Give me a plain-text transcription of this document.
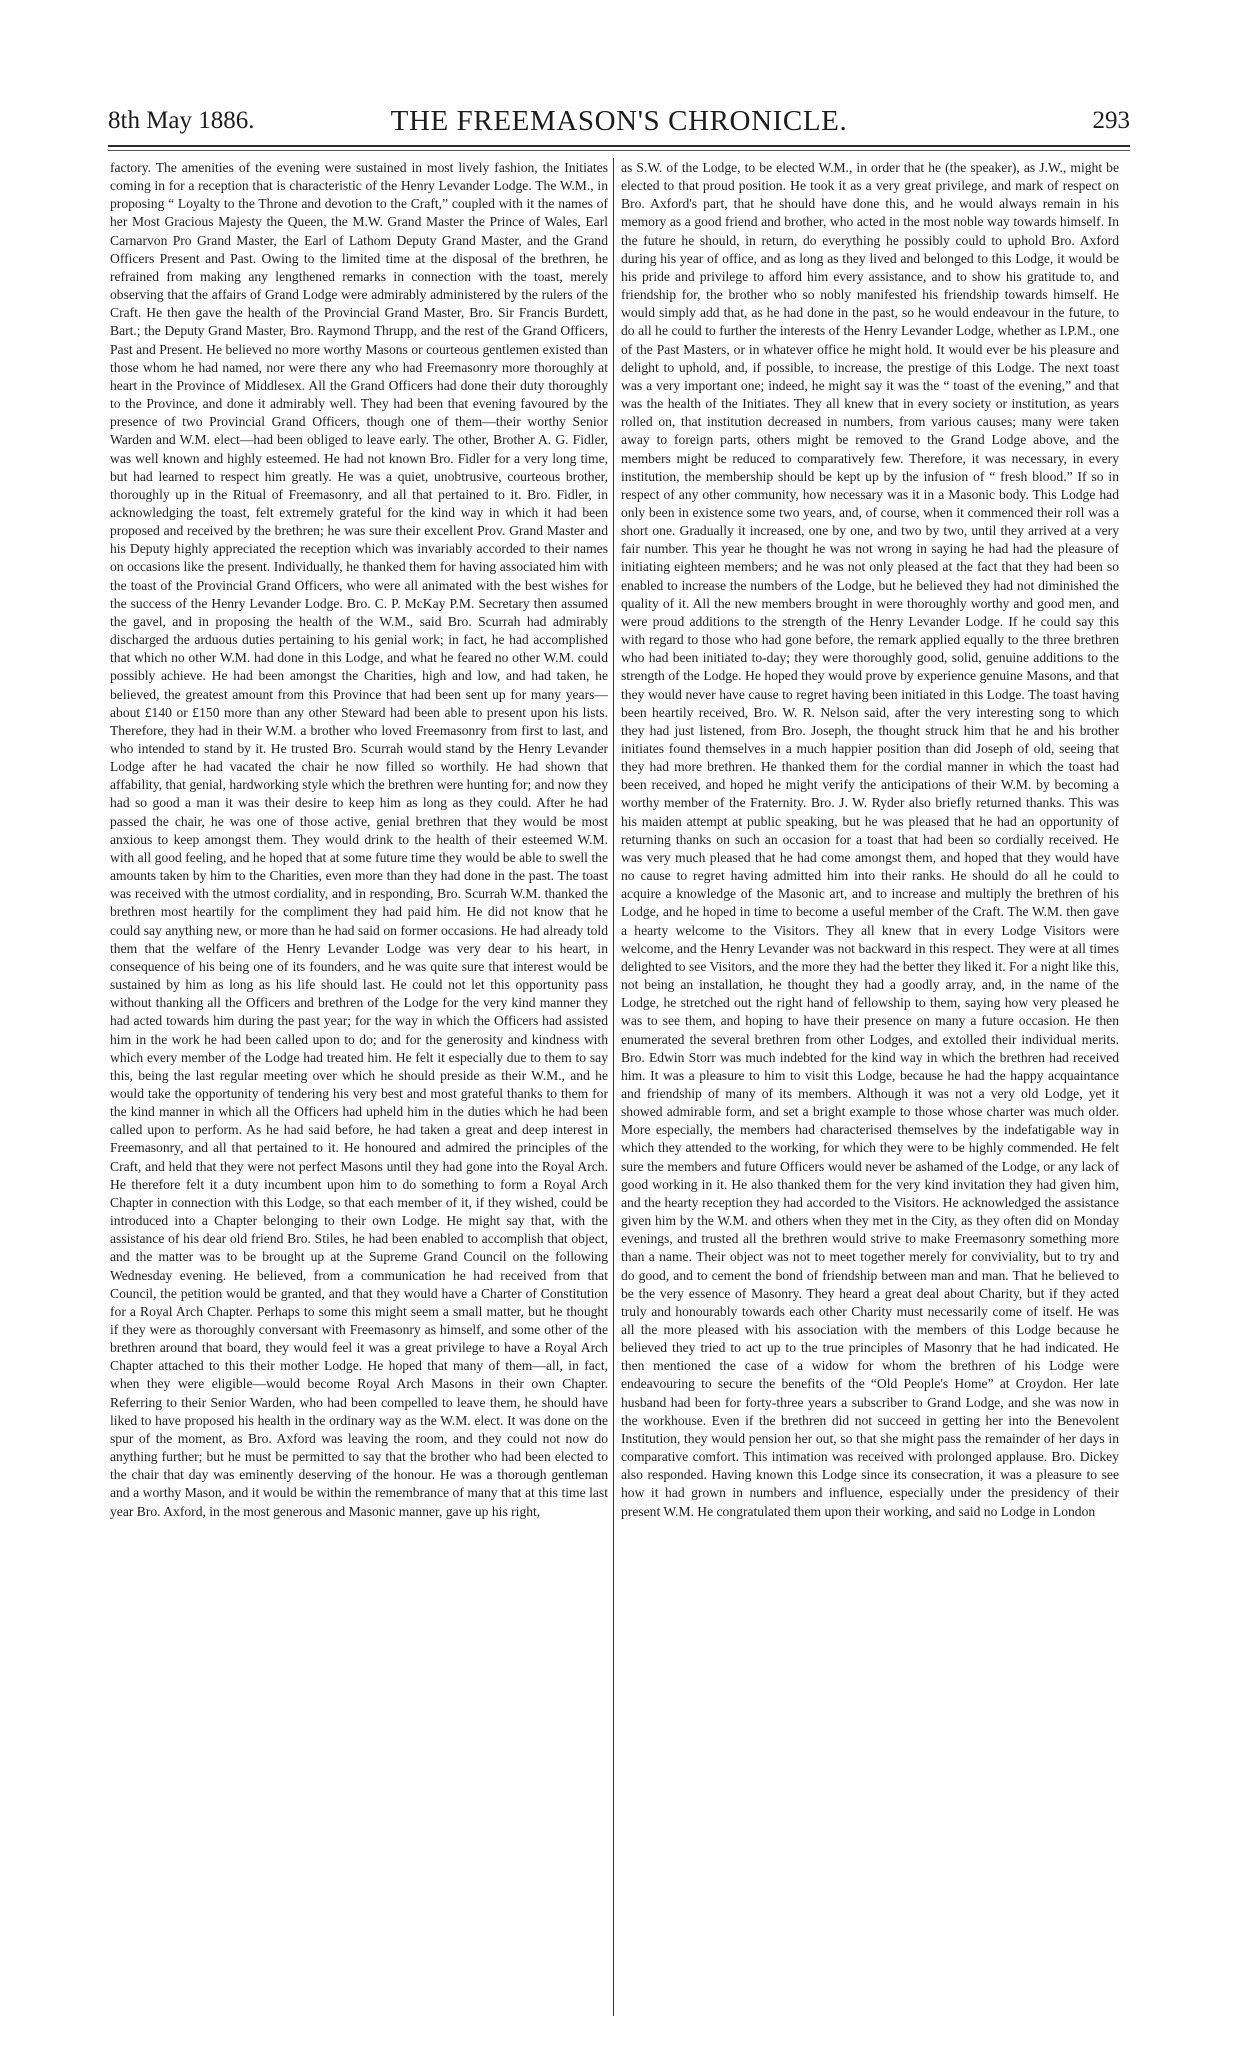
8th May 1886.	THE FREEMASON'S CHRONICLE.	293

factory. The amenities of the evening were sustained in most lively fashion, the Initiates coming in for a reception that is characteristic of the Henry Levander Lodge. The W.M., in proposing “ Loyalty to the Throne and devotion to the Craft,” coupled with it the names of her Most Gracious Majesty the Queen, the M.W. Grand Master the Prince of Wales, Earl Carnarvon Pro Grand Master, the Earl of Lathom Deputy Grand Master, and the Grand Officers Present and Past. Owing to the limited time at the disposal of the brethren, he refrained from making any lengthened remarks in connection with the toast, merely observing that the affairs of Grand Lodge were admirably administered by the rulers of the Craft. He then gave the health of the Provincial Grand Master, Bro. Sir Francis Burdett, Bart.; the Deputy Grand Master, Bro. Raymond Thrupp, and the rest of the Grand Officers, Past and Present. He believed no more worthy Masons or courteous gentlemen existed than those whom he had named, nor were there any who had Freemasonry more thoroughly at heart in the Province of Middlesex. All the Grand Officers had done their duty thoroughly to the Province, and done it admirably well. They had been that evening favoured by the presence of two Provincial Grand Officers, though one of them—their worthy Senior Warden and W.M. elect—had been obliged to leave early. The other, Brother A. G. Fidler, was well known and highly esteemed. He had not known Bro. Fidler for a very long time, but had learned to respect him greatly. He was a quiet, unobtrusive, courteous brother, thoroughly up in the Ritual of Freemasonry, and all that pertained to it. Bro. Fidler, in acknowledging the toast, felt extremely grateful for the kind way in which it had been proposed and received by the brethren; he was sure their excellent Prov. Grand Master and his Deputy highly appreciated the reception which was invariably accorded to their names on occasions like the present. Individually, he thanked them for having associated him with the toast of the Provincial Grand Officers, who were all animated with the best wishes for the success of the Henry Levander Lodge. Bro. C. P. McKay P.M. Secretary then assumed the gavel, and in proposing the health of the W.M., said Bro. Scurrah had admirably discharged the arduous duties pertaining to his genial work; in fact, he had accomplished that which no other W.M. had done in this Lodge, and what he feared no other W.M. could possibly achieve. He had been amongst the Charities, high and low, and had taken, he believed, the greatest amount from this Province that had been sent up for many years—about £140 or £150 more than any other Steward had been able to present upon his lists. Therefore, they had in their W.M. a brother who loved Freemasonry from first to last, and who intended to stand by it. He trusted Bro. Scurrah would stand by the Henry Levander Lodge after he had vacated the chair he now filled so worthily. He had shown that affability, that genial, hardworking style which the brethren were hunting for; and now they had so good a man it was their desire to keep him as long as they could. After he had passed the chair, he was one of those active, genial brethren that they would be most anxious to keep amongst them. They would drink to the health of their esteemed W.M. with all good feeling, and he hoped that at some future time they would be able to swell the amounts taken by him to the Charities, even more than they had done in the past. The toast was received with the utmost cordiality, and in responding, Bro. Scurrah W.M. thanked the brethren most heartily for the compliment they had paid him. He did not know that he could say anything new, or more than he had said on former occasions. He had already told them that the welfare of the Henry Levander Lodge was very dear to his heart, in consequence of his being one of its founders, and he was quite sure that interest would be sustained by him as long as his life should last. He could not let this opportunity pass without thanking all the Officers and brethren of the Lodge for the very kind manner they had acted towards him during the past year; for the way in which the Officers had assisted him in the work he had been called upon to do; and for the generosity and kindness with which every member of the Lodge had treated him. He felt it especially due to them to say this, being the last regular meeting over which he should preside as their W.M., and he would take the opportunity of tendering his very best and most grateful thanks to them for the kind manner in which all the Officers had upheld him in the duties which he had been called upon to perform. As he had said before, he had taken a great and deep interest in Freemasonry, and all that pertained to it. He honoured and admired the principles of the Craft, and held that they were not perfect Masons until they had gone into the Royal Arch. He therefore felt it a duty incumbent upon him to do something to form a Royal Arch Chapter in connection with this Lodge, so that each member of it, if they wished, could be introduced into a Chapter belonging to their own Lodge. He might say that, with the assistance of his dear old friend Bro. Stiles, he had been enabled to accomplish that object, and the matter was to be brought up at the Supreme Grand Council on the following Wednesday evening. He believed, from a communication he had received from that Council, the petition would be granted, and that they would have a Charter of Constitution for a Royal Arch Chapter. Perhaps to some this might seem a small matter, but he thought if they were as thoroughly conversant with Freemasonry as himself, and some other of the brethren around that board, they would feel it was a great privilege to have a Royal Arch Chapter attached to this their mother Lodge. He hoped that many of them—all, in fact, when they were eligible—would become Royal Arch Masons in their own Chapter. Referring to their Senior Warden, who had been compelled to leave them, he should have liked to have proposed his health in the ordinary way as the W.M. elect. It was done on the spur of the moment, as Bro. Axford was leaving the room, and they could not now do anything further; but he must be permitted to say that the brother who had been elected to the chair that day was eminently deserving of the honour. He was a thorough gentleman and a worthy Mason, and it would be within the remembrance of many that at this time last year Bro. Axford, in the most generous and Masonic manner, gave up his right,

as S.W. of the Lodge, to be elected W.M., in order that he (the speaker), as J.W., might be elected to that proud position. He took it as a very great privilege, and mark of respect on Bro. Axford's part, that he should have done this, and he would always remain in his memory as a good friend and brother, who acted in the most noble way towards himself. In the future he should, in return, do everything he possibly could to uphold Bro. Axford during his year of office, and as long as they lived and belonged to this Lodge, it would be his pride and privilege to afford him every assistance, and to show his gratitude to, and friendship for, the brother who so nobly manifested his friendship towards himself. He would simply add that, as he had done in the past, so he would endeavour in the future, to do all he could to further the interests of the Henry Levander Lodge, whether as I.P.M., one of the Past Masters, or in whatever office he might hold. It would ever be his pleasure and delight to uphold, and, if possible, to increase, the prestige of this Lodge. The next toast was a very important one; indeed, he might say it was the “ toast of the evening,” and that was the health of the Initiates. They all knew that in every society or institution, as years rolled on, that institution decreased in numbers, from various causes; many were taken away to foreign parts, others might be removed to the Grand Lodge above, and the members might be reduced to comparatively few. Therefore, it was necessary, in every institution, the membership should be kept up by the infusion of “ fresh blood.” If so in respect of any other community, how necessary was it in a Masonic body. This Lodge had only been in existence some two years, and, of course, when it commenced their roll was a short one. Gradually it increased, one by one, and two by two, until they arrived at a very fair number. This year he thought he was not wrong in saying he had had the pleasure of initiating eighteen members; and he was not only pleased at the fact that they had been so enabled to increase the numbers of the Lodge, but he believed they had not diminished the quality of it. All the new members brought in were thoroughly worthy and good men, and were proud additions to the strength of the Henry Levander Lodge. If he could say this with regard to those who had gone before, the remark applied equally to the three brethren who had been initiated to-day; they were thoroughly good, solid, genuine additions to the strength of the Lodge. He hoped they would prove by experience genuine Masons, and that they would never have cause to regret having been initiated in this Lodge. The toast having been heartily received, Bro. W. R. Nelson said, after the very interesting song to which they had just listened, from Bro. Joseph, the thought struck him that he and his brother initiates found themselves in a much happier position than did Joseph of old, seeing that they had more brethren. He thanked them for the cordial manner in which the toast had been received, and hoped he might verify the anticipations of their W.M. by becoming a worthy member of the Fraternity. Bro. J. W. Ryder also briefly returned thanks. This was his maiden attempt at public speaking, but he was pleased that he had an opportunity of returning thanks on such an occasion for a toast that had been so cordially received. He was very much pleased that he had come amongst them, and hoped that they would have no cause to regret having admitted him into their ranks. He should do all he could to acquire a knowledge of the Masonic art, and to increase and multiply the brethren of his Lodge, and he hoped in time to become a useful member of the Craft. The W.M. then gave a hearty welcome to the Visitors. They all knew that in every Lodge Visitors were welcome, and the Henry Levander was not backward in this respect. They were at all times delighted to see Visitors, and the more they had the better they liked it. For a night like this, not being an installation, he thought they had a goodly array, and, in the name of the Lodge, he stretched out the right hand of fellowship to them, saying how very pleased he was to see them, and hoping to have their presence on many a future occasion. He then enumerated the several brethren from other Lodges, and extolled their individual merits. Bro. Edwin Storr was much indebted for the kind way in which the brethren had received him. It was a pleasure to him to visit this Lodge, because he had the happy acquaintance and friendship of many of its members. Although it was not a very old Lodge, yet it showed admirable form, and set a bright example to those whose charter was much older. More especially, the members had characterised themselves by the indefatigable way in which they attended to the working, for which they were to be highly commended. He felt sure the members and future Officers would never be ashamed of the Lodge, or any lack of good working in it. He also thanked them for the very kind invitation they had given him, and the hearty reception they had accorded to the Visitors. He acknowledged the assistance given him by the W.M. and others when they met in the City, as they often did on Monday evenings, and trusted all the brethren would strive to make Freemasonry something more than a name. Their object was not to meet together merely for conviviality, but to try and do good, and to cement the bond of friendship between man and man. That he believed to be the very essence of Masonry. They heard a great deal about Charity, but if they acted truly and honourably towards each other Charity must necessarily come of itself. He was all the more pleased with his association with the members of this Lodge because he believed they tried to act up to the true principles of Masonry that he had indicated. He then mentioned the case of a widow for whom the brethren of his Lodge were endeavouring to secure the benefits of the “Old People's Home” at Croydon. Her late husband had been for forty-three years a subscriber to Grand Lodge, and she was now in the workhouse. Even if the brethren did not succeed in getting her into the Benevolent Institution, they would pension her out, so that she might pass the remainder of her days in comparative comfort. This intimation was received with prolonged applause. Bro. Dickey also responded. Having known this Lodge since its consecration, it was a pleasure to see how it had grown in numbers and influence, especially under the presidency of their present W.M. He congratulated them upon their working, and said no Lodge in London
